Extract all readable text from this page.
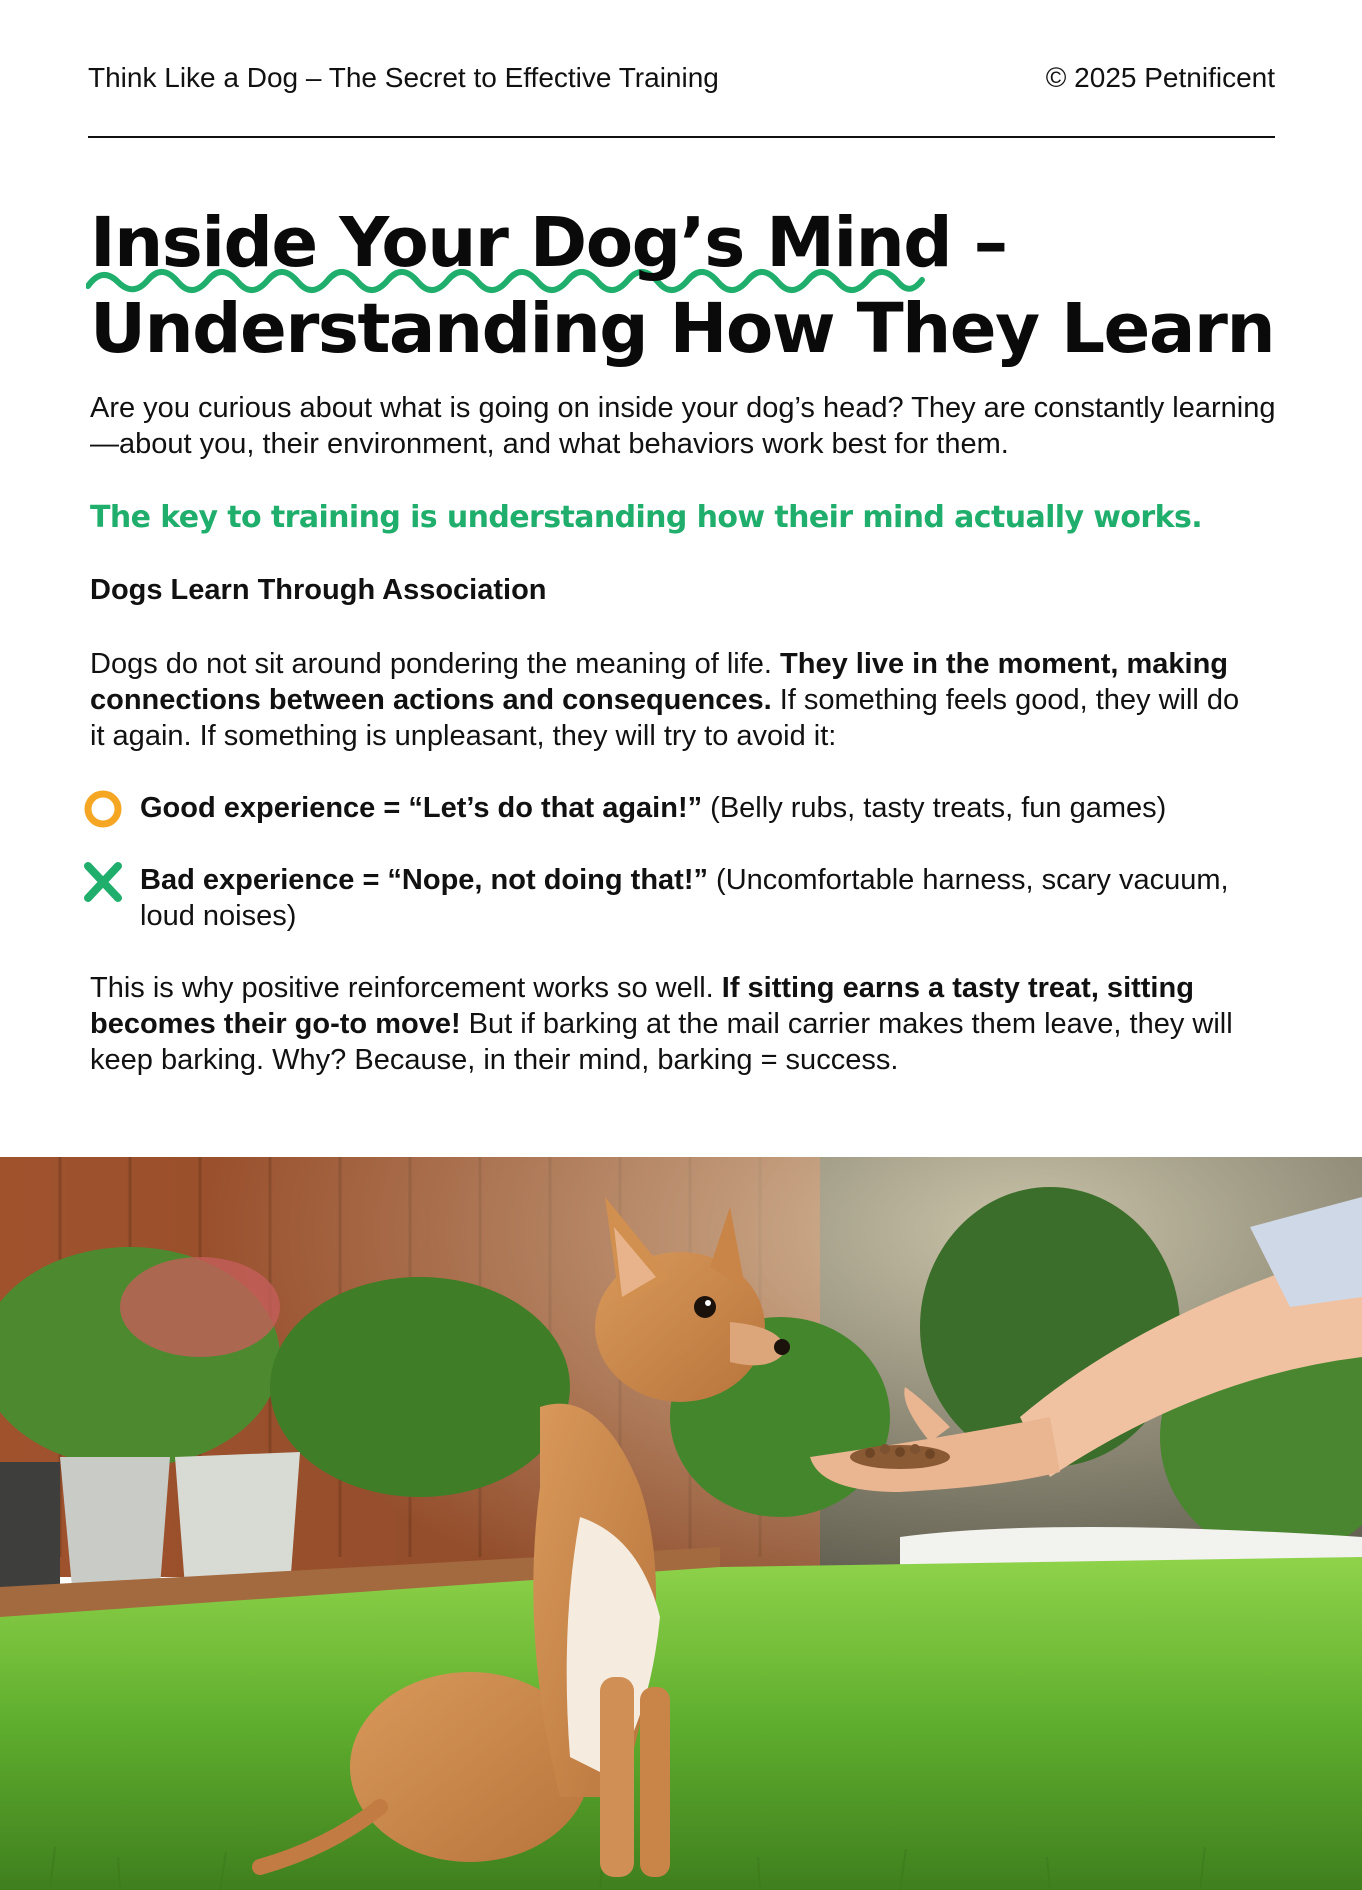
Think Like a Dog – The Secret to Effective Training	© 2025 Petnificent
Inside Your Dog’s Mind –
Understanding How They Learn

Are you curious about what is going on inside your dog’s head? They are constantly learning—about you, their environment, and what behaviors work best for them.

The key to training is understanding how their mind actually works.

Dogs Learn Through Association

Dogs do not sit around pondering the meaning of life. They live in the moment, making connections between actions and consequences. If something feels good, they will do it again. If something is unpleasant, they will try to avoid it:

Good experience = “Let’s do that again!” (Belly rubs, tasty treats, fun games)
Bad experience = “Nope, not doing that!” (Uncomfortable harness, scary vacuum, loud noises)

This is why positive reinforcement works so well. If sitting earns a tasty treat, sitting becomes their go-to move! But if barking at the mail carrier makes them leave, they will keep barking. Why? Because, in their mind, barking = success.
